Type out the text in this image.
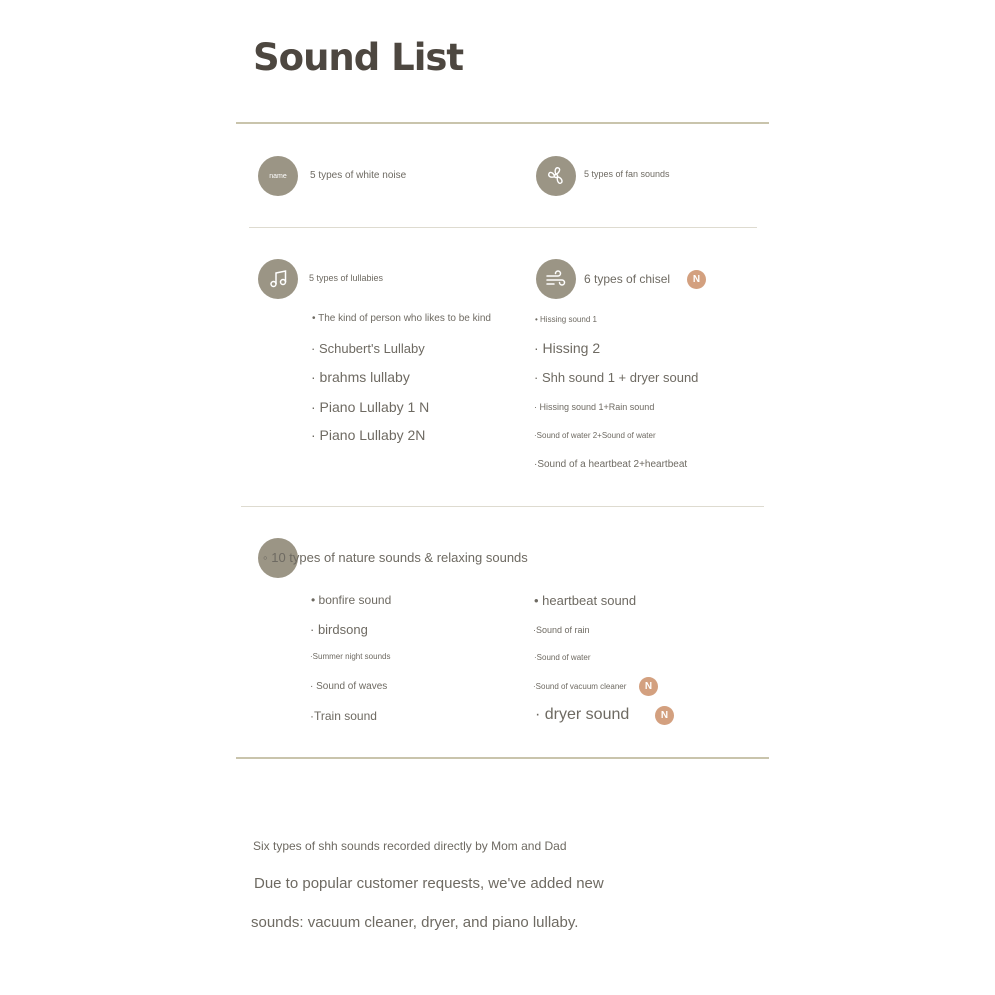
Sound List
name 5 types of white noise	5 types of fan sounds
5 types of lullabies
• The kind of person who likes to be kind
· Schubert's Lullaby
· brahms lullaby
· Piano Lullaby 1 N
· Piano Lullaby 2N
6 types of chisel	N
• Hissing sound 1
· Hissing 2
· Shh sound 1 + dryer sound
· Hissing sound 1+Rain sound
·Sound of water 2+Sound of water
·Sound of a heartbeat 2+heartbeat
◦ 10 types of nature sounds & relaxing sounds
• bonfire sound
· birdsong
·Summer night sounds
· Sound of waves
·Train sound
• heartbeat sound
·Sound of rain
·Sound of water
·Sound of vacuum cleaner	N
· dryer sound	N
Six types of shh sounds recorded directly by Mom and Dad
Due to popular customer requests, we've added new
sounds: vacuum cleaner, dryer, and piano lullaby.
